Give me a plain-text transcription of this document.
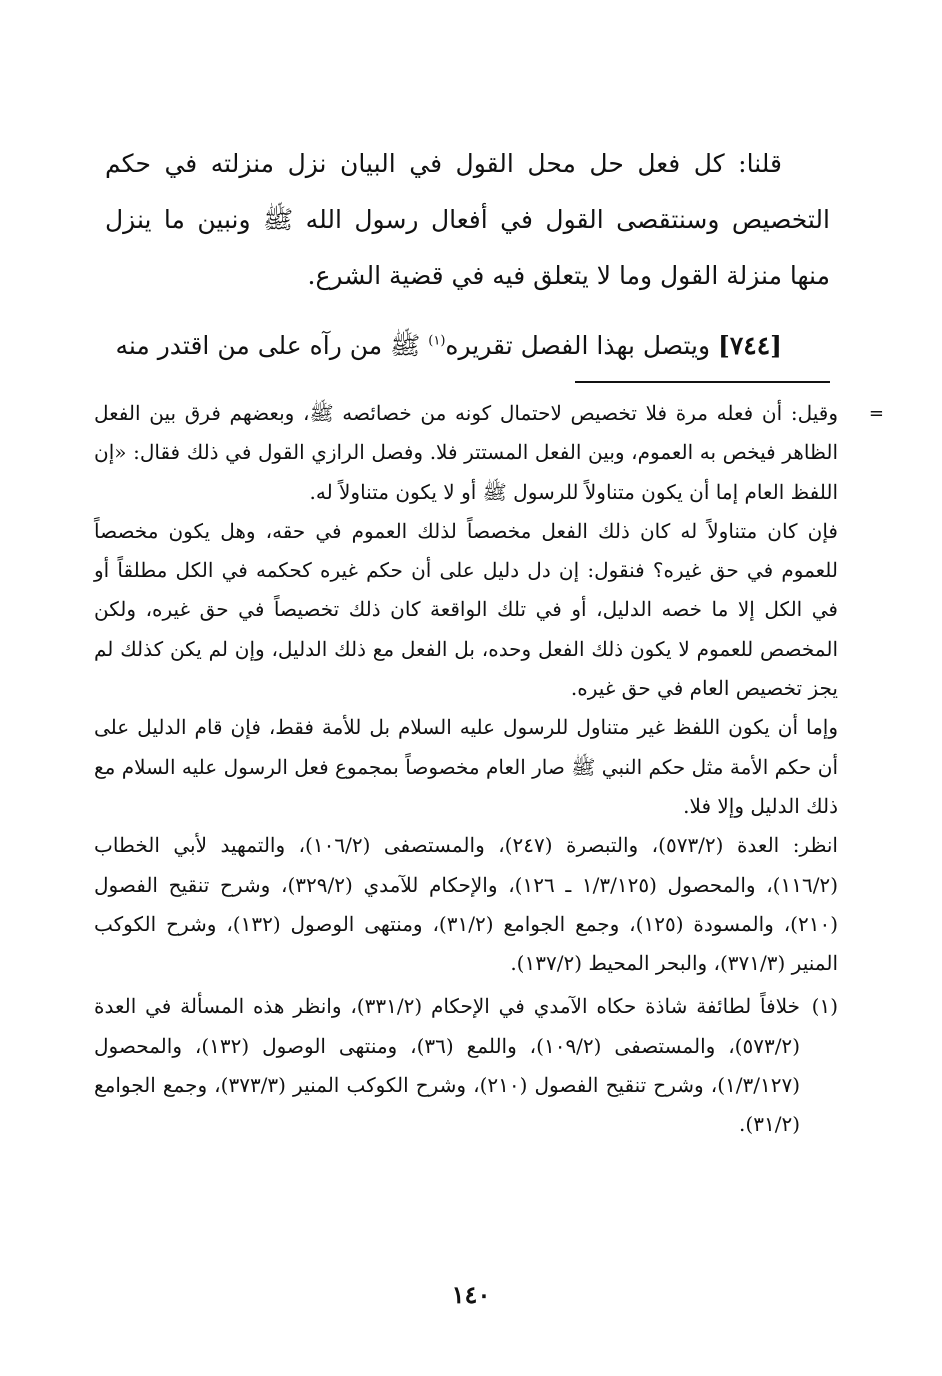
قلنا: كل فعل حل محل القول في البيان نزل منزلته في حكم التخصيص وسنتقصى القول في أفعال رسول الله ﷺ ونبين ما ينزل منها منزلة القول وما لا يتعلق فيه في قضية الشرع.

[٧٤٤] ويتصل بهذا الفصل تقريره$^{(١)}$ ﷺ من رآه على من اقتدر منه

=
وقيل: أن فعله مرة فلا تخصيص لاحتمال كونه من خصائصه ﷺ، وبعضهم فرق بين الفعل الظاهر فيخص به العموم، وبين الفعل المستتر فلا. وفصل الرازي القول في ذلك فقال: «إن اللفظ العام إما أن يكون متناولاً للرسول ﷺ أو لا يكون متناولاً له.

فإن كان متناولاً له كان ذلك الفعل مخصصاً لذلك العموم في حقه، وهل يكون مخصصاً للعموم في حق غيره؟ فنقول: إن دل دليل على أن حكم غيره كحكمه في الكل مطلقاً أو في الكل إلا ما خصه الدليل، أو في تلك الواقعة كان ذلك تخصيصاً في حق غيره، ولكن المخصص للعموم لا يكون ذلك الفعل وحده، بل الفعل مع ذلك الدليل، وإن لم يكن كذلك لم يجز تخصيص العام في حق غيره.

وإما أن يكون اللفظ غير متناول للرسول عليه السلام بل للأمة فقط، فإن قام الدليل على أن حكم الأمة مثل حكم النبي ﷺ صار العام مخصوصاً بمجموع فعل الرسول عليه السلام مع ذلك الدليل وإلا فلا.

انظر: العدة (٥٧٣/٢)، والتبصرة (٢٤٧)، والمستصفى (١٠٦/٢)، والتمهيد لأبي الخطاب (١١٦/٢)، والمحصول (١/٣/١٢٥ ـ ١٢٦)، والإحكام للآمدي (٣٢٩/٢)، وشرح تنقيح الفصول (٢١٠)، والمسودة (١٢٥)، وجمع الجوامع (٣١/٢)، ومنتهى الوصول (١٣٢)، وشرح الكوكب المنير (٣٧١/٣)، والبحر المحيط (١٣٧/٢).

(١)
خلافاً لطائفة شاذة حكاه الآمدي في الإحكام (٣٣١/٢)، وانظر هذه المسألة في العدة (٥٧٣/٢)، والمستصفى (١٠٩/٢)، واللمع (٣٦)، ومنتهى الوصول (١٣٢)، والمحصول (١/٣/١٢٧)، وشرح تنقيح الفصول (٢١٠)، وشرح الكوكب المنير (٣٧٣/٣)، وجمع الجوامع (٣١/٢).

١٤٠
